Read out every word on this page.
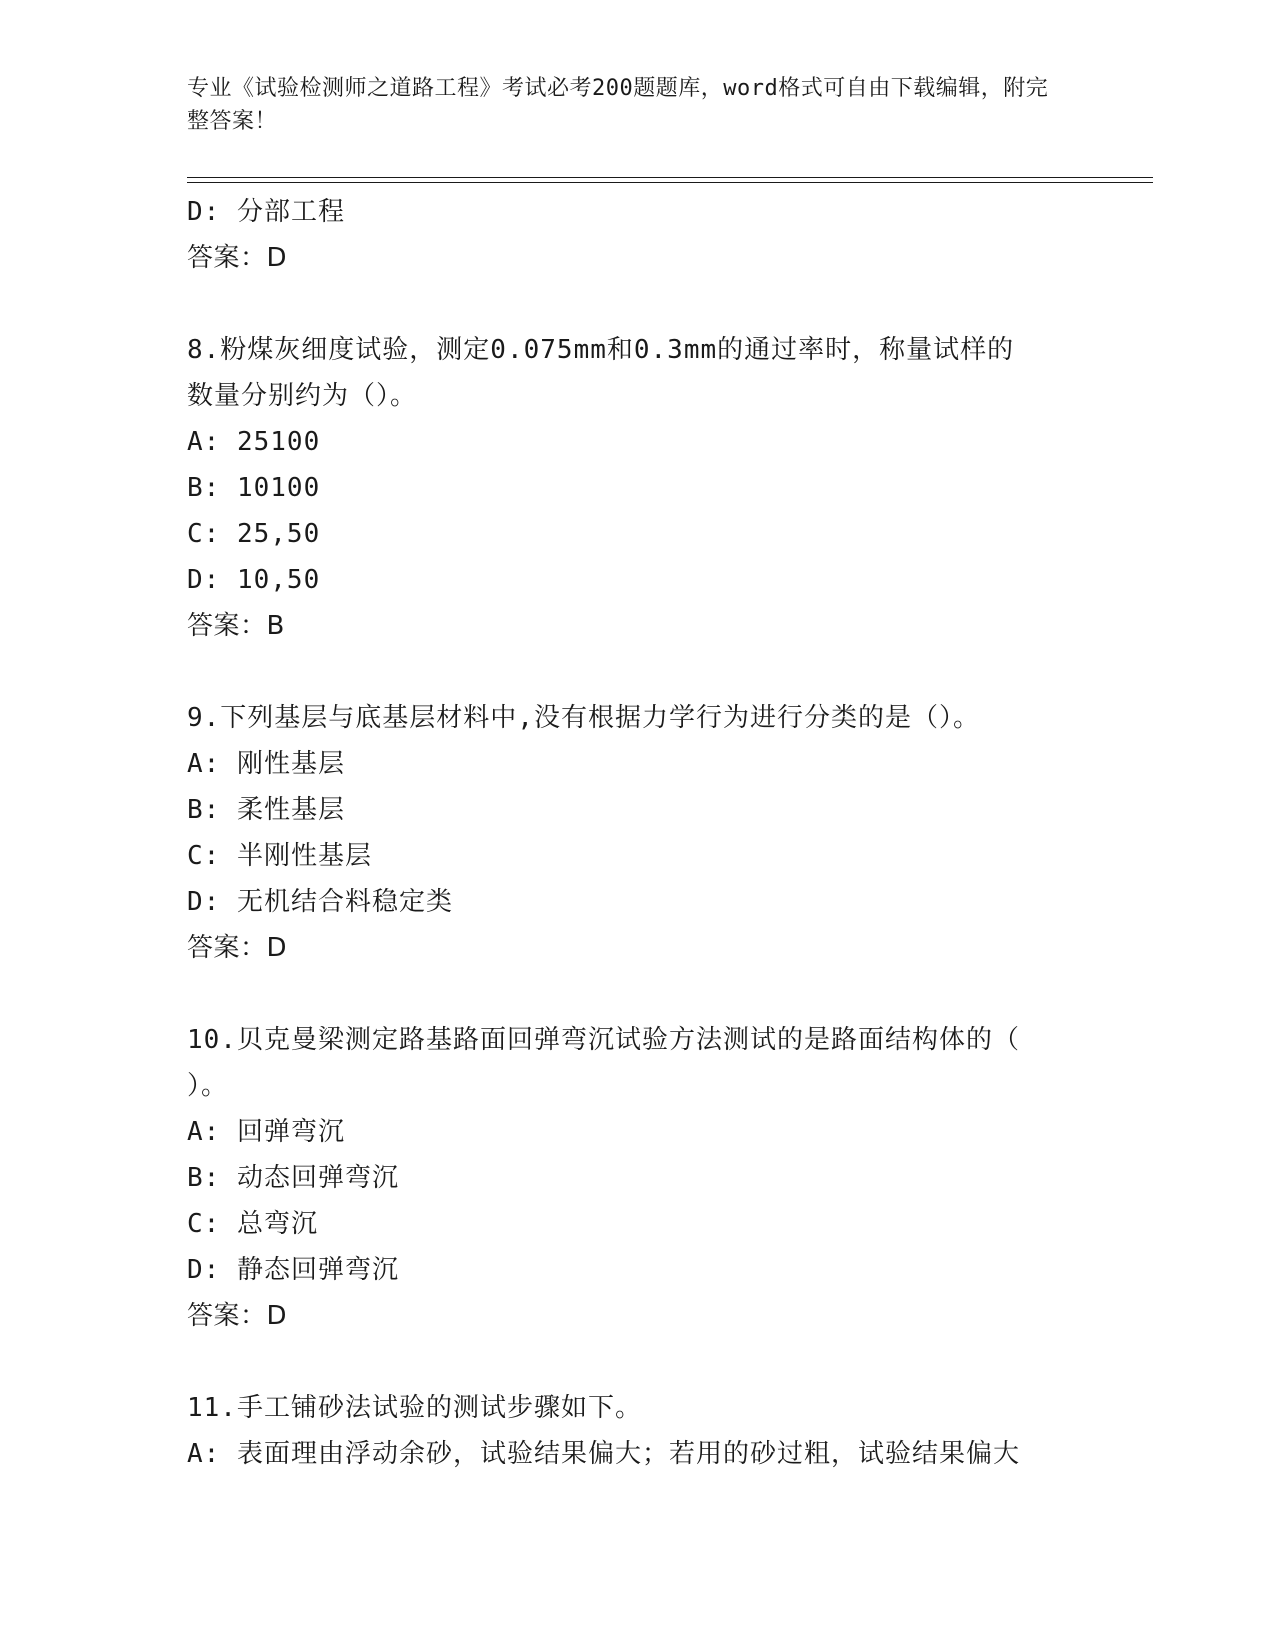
专业《试验检测师之道路工程》考试必考200题题库，word格式可自由下载编辑，附完整答案！
D: 分部工程
答案：D
8.粉煤灰细度试验，测定0.075mm和0.3mm的通过率时，称量试样的
数量分别约为（）。
A: 25100
B: 10100
C: 25,50
D: 10,50
答案：B
9.下列基层与底基层材料中,没有根据力学行为进行分类的是（）。
A: 刚性基层
B: 柔性基层
C: 半刚性基层
D: 无机结合料稳定类
答案：D
10.贝克曼梁测定路基路面回弹弯沉试验方法测试的是路面结构体的（
）。
A: 回弹弯沉
B: 动态回弹弯沉
C: 总弯沉
D: 静态回弹弯沉
答案：D
11.手工铺砂法试验的测试步骤如下。
A: 表面理由浮动余砂，试验结果偏大；若用的砂过粗，试验结果偏大
